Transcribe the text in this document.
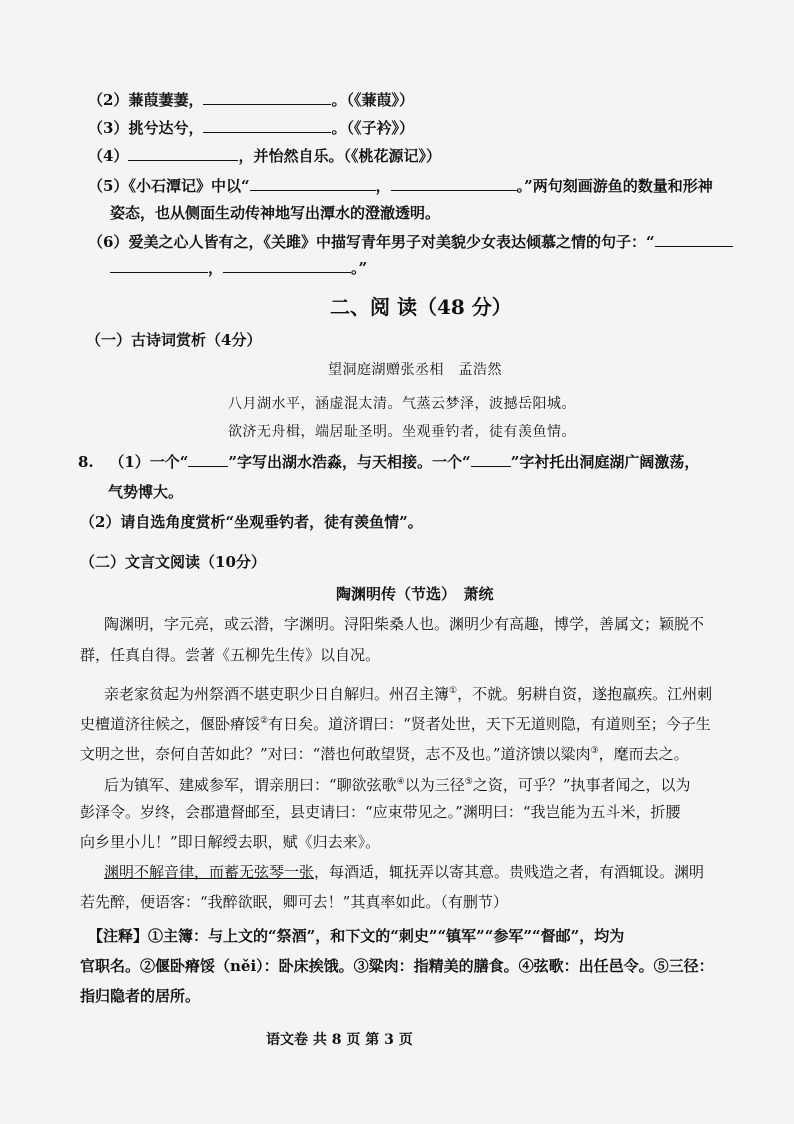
（2）蒹葭萋萋，	。（《蒹葭》）
（3）挑兮达兮，	。（《子衿》）
（4）	，并怡然自乐。（《桃花源记》）
（5）《小石潭记》中以“	，	。”两句刻画游鱼的数量和形神
姿态，也从侧面生动传神地写出潭水的澄澈透明。
（6）爱美之心人皆有之，《关雎》中描写青年男子对美貌少女表达倾慕之情的句子：“
，	。”
二、阅 读（48 分）
（一）古诗词赏析（4分）
望洞庭湖赠张丞相　孟浩然
八月湖水平，涵虚混太清。气蒸云梦泽，波撼岳阳城。
欲济无舟楫，端居耻圣明。坐观垂钓者，徒有羡鱼情。
8. （1）一个“	”字写出湖水浩淼，与天相接。一个“	”字衬托出洞庭湖广阔激荡，
气势博大。
（2）请自选角度赏析“坐观垂钓者，徒有羡鱼情”。
（二）文言文阅读（10分）
陶渊明传（节选）　萧统
陶渊明，字元亮，或云潜，字渊明。浔阳柴桑人也。渊明少有高趣，博学，善属文；颖脱不
群，任真自得。尝著《五柳先生传》以自况。
亲老家贫起为州祭酒不堪吏职少日自解归。州召主簿①，不就。躬耕自资，遂抱羸疾。江州刺
史檀道济往候之，偃卧瘠馁②有日矣。道济谓曰：“贤者处世，天下无道则隐，有道则至；今子生
文明之世，奈何自苦如此？”对曰：“潜也何敢望贤，志不及也。”道济馈以粱肉③，麾而去之。
后为镇军、建威参军，谓亲朋曰：“聊欲弦歌④以为三径⑤之资，可乎？”执事者闻之，以为
彭泽令。岁终，会郡遣督邮至，县吏请曰：“应束带见之。”渊明曰：“我岂能为五斗米，折腰
向乡里小儿！”即日解绶去职，赋《归去来》。
渊明不解音律，而蓄无弦琴一张，每酒适，辄抚弄以寄其意。贵贱造之者，有酒辄设。渊明
若先醉，便语客：“我醉欲眠，卿可去！”其真率如此。（有删节）
【注释】①主簿：与上文的“祭酒”，和下文的“刺史”“镇军”“参军”“督邮”，均为
官职名。②偃卧瘠馁（něi）：卧床挨饿。③粱肉：指精美的膳食。④弦歌：出任邑令。⑤三径：
指归隐者的居所。
语文卷 共 8 页 第 3 页
